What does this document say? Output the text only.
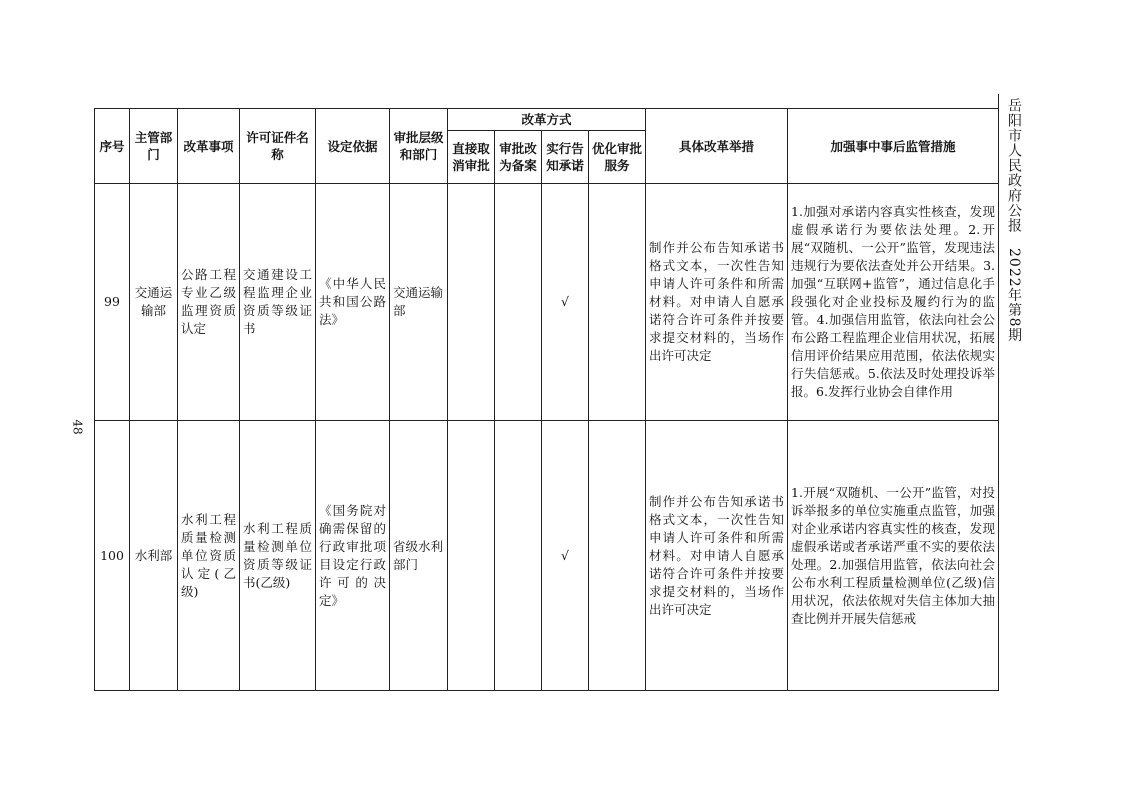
序号	主管部门	改革事项	许可证件名称	设定依据	审批层级和部门	改革方式				具体改革举措	加强事中事后监管措施
						直接取消审批	审批改为备案	实行告知承诺	优化审批服务		
99	交通运输部	公路工程专业乙级监理资质认定	交通建设工程监理企业资质等级证书	《中华人民共和国公路法》	交通运输部			√		制作并公布告知承诺书格式文本，一次性告知申请人许可条件和所需材料。对申请人自愿承诺符合许可条件并按要求提交材料的，当场作出许可决定	1.加强对承诺内容真实性核查，发现虚假承诺行为要依法处理。2.开展“双随机、一公开”监管，发现违法违规行为要依法查处并公开结果。3.加强“互联网+监管”，通过信息化手段强化对企业投标及履约行为的监管。4.加强信用监管，依法向社会公布公路工程监理企业信用状况，拓展信用评价结果应用范围，依法依规实行失信惩戒。5.依法及时处理投诉举报。6.发挥行业协会自律作用
100	水利部	水利工程质量检测单位资质认定(乙级)	水利工程质量检测单位资质等级证书(乙级)	《国务院对确需保留的行政审批项目设定行政许可的决定》	省级水利部门			√		制作并公布告知承诺书格式文本，一次性告知申请人许可条件和所需材料。对申请人自愿承诺符合许可条件并按要求提交材料的，当场作出许可决定	1.开展“双随机、一公开”监管，对投诉举报多的单位实施重点监管，加强对企业承诺内容真实性的核查，发现虚假承诺或者承诺严重不实的要依法处理。2.加强信用监管，依法向社会公布水利工程质量检测单位(乙级)信用状况，依法依规对失信主体加大抽查比例并开展失信惩戒
岳阳市人民政府公报　2022年第8期
48
